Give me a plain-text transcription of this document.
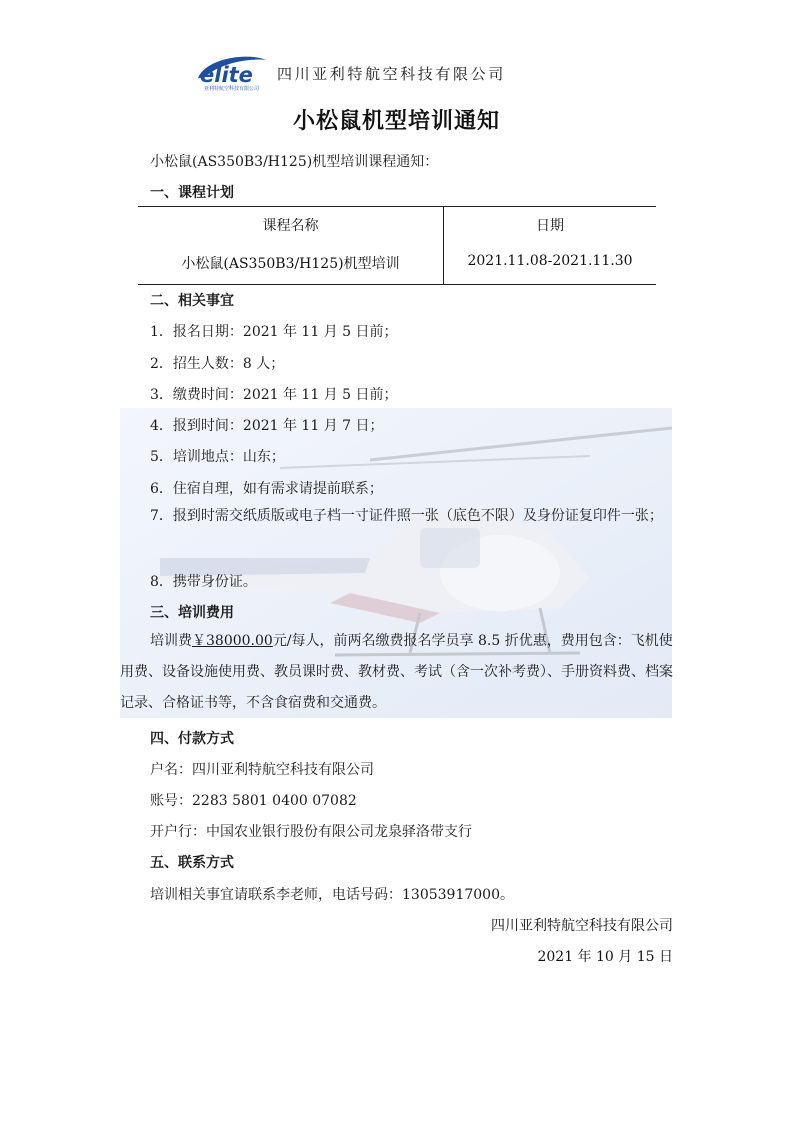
elite
亚利特航空科技有限公司
四川亚利特航空科技有限公司
小松鼠机型培训通知
小松鼠(AS350B3/H125)机型培训课程通知：
一、课程计划
课程名称	日期
小松鼠(AS350B3/H125)机型培训	2021.11.08-2021.11.30
二、相关事宜
1．报名日期：2021 年 11 月 5 日前；
2．招生人数：8 人；
3．缴费时间：2021 年 11 月 5 日前；
4．报到时间：2021 年 11 月 7 日；
5．培训地点：山东；
6．住宿自理，如有需求请提前联系；
7．报到时需交纸质版或电子档一寸证件照一张（底色不限）及身份证复印件一张；
8．携带身份证。
三、培训费用
培训费￥38000.00元/每人，前两名缴费报名学员享 8.5 折优惠，费用包含：飞机使用费、设备设施使用费、教员课时费、教材费、考试（含一次补考费）、手册资料费、档案记录、合格证书等，不含食宿费和交通费。
四、付款方式
户名：四川亚利特航空科技有限公司
账号：2283 5801 0400 07082
开户行：中国农业银行股份有限公司龙泉驿洛带支行
五、联系方式
培训相关事宜请联系李老师，电话号码：13053917000。
四川亚利特航空科技有限公司
2021 年 10 月 15 日
